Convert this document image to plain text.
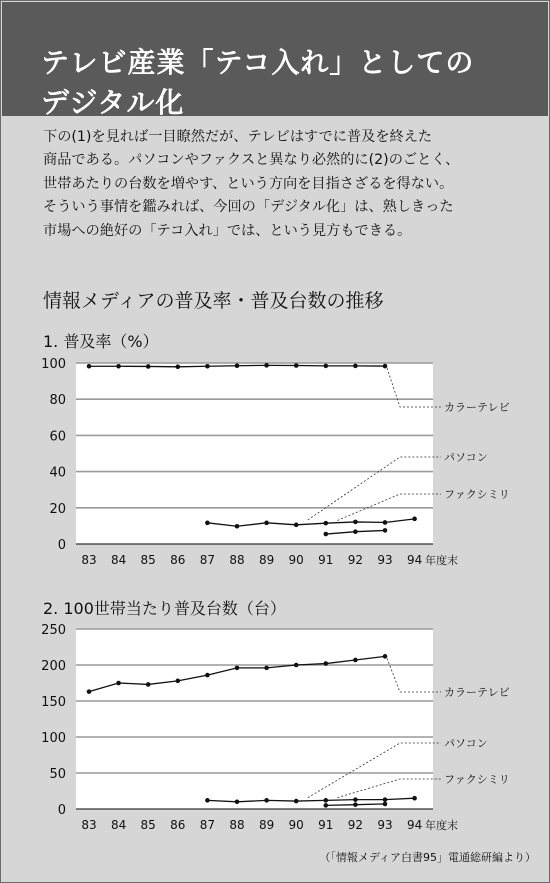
テレビ産業「テコ入れ」としての
デジタル化
下の(1)を見れば一目瞭然だが、テレビはすでに普及を終えた
商品である。パソコンやファクスと異なり必然的に(2)のごとく、
世帯あたりの台数を増やす、という方向を目指さざるを得ない。
そういう事情を鑑みれば、今回の「デジタル化」は、熟しきった
市場への絶好の「テコ入れ」では、という見方もできる。
情報メディアの普及率・普及台数の推移
1. 普及率（%）
2. 100世帯当たり普及台数（台）
0
20
40
60
80
100
83 84 85 86 87 88 89 90 91 92 93 94 年度末
カラーテレビ
パソコン
ファクシミリ
0
50
100
150
200
250
83 84 85 86 87 88 89 90 91 92 93 94 年度末
カラーテレビ
パソコン
ファクシミリ
（「情報メディア白書95」電通総研編より）
